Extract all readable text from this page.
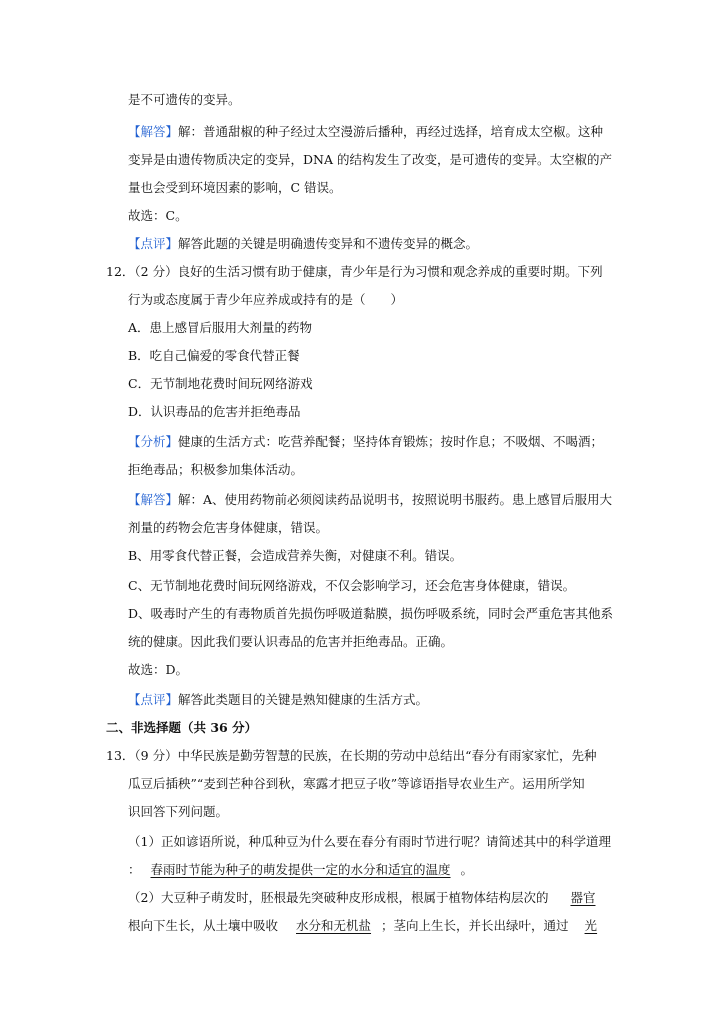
是不可遗传的变异。
【解答】解：普通甜椒的种子经过太空漫游后播种，再经过选择，培育成太空椒。这种
变异是由遗传物质决定的变异，DNA 的结构发生了改变，是可遗传的变异。太空椒的产
量也会受到环境因素的影响，C 错误。
故选：C。
【点评】解答此题的关键是明确遗传变异和不遗传变异的概念。
12．（2 分）良好的生活习惯有助于健康，青少年是行为习惯和观念养成的重要时期。下列
行为或态度属于青少年应养成或持有的是（　　）
A．患上感冒后服用大剂量的药物
B．吃自己偏爱的零食代替正餐
C．无节制地花费时间玩网络游戏
D．认识毒品的危害并拒绝毒品
【分析】健康的生活方式：吃营养配餐；坚持体育锻炼；按时作息；不吸烟、不喝酒；
拒绝毒品；积极参加集体活动。
【解答】解：A、使用药物前必须阅读药品说明书，按照说明书服药。患上感冒后服用大
剂量的药物会危害身体健康，错误。
B、用零食代替正餐，会造成营养失衡，对健康不利。错误。
C、无节制地花费时间玩网络游戏，不仅会影响学习，还会危害身体健康，错误。
D、吸毒时产生的有毒物质首先损伤呼吸道黏膜，损伤呼吸系统，同时会严重危害其他系
统的健康。因此我们要认识毒品的危害并拒绝毒品。正确。
故选：D。
【点评】解答此类题目的关键是熟知健康的生活方式。
二、非选择题（共 36 分）
13．（9 分）中华民族是勤劳智慧的民族，在长期的劳动中总结出“春分有雨家家忙，先种
瓜豆后插秧”“麦到芒种谷到秋，寒露才把豆子收”等谚语指导农业生产。运用所学知
识回答下列问题。
（1）正如谚语所说，种瓜种豆为什么要在春分有雨时节进行呢？请简述其中的科学道理
： 春雨时节能为种子的萌发提供一定的水分和适宜的温度 。
（2）大豆种子萌发时，胚根最先突破种皮形成根，根属于植物体结构层次的 器官
根向下生长，从土壤中吸收 水分和无机盐 ；茎向上生长，并长出绿叶，通过 光
